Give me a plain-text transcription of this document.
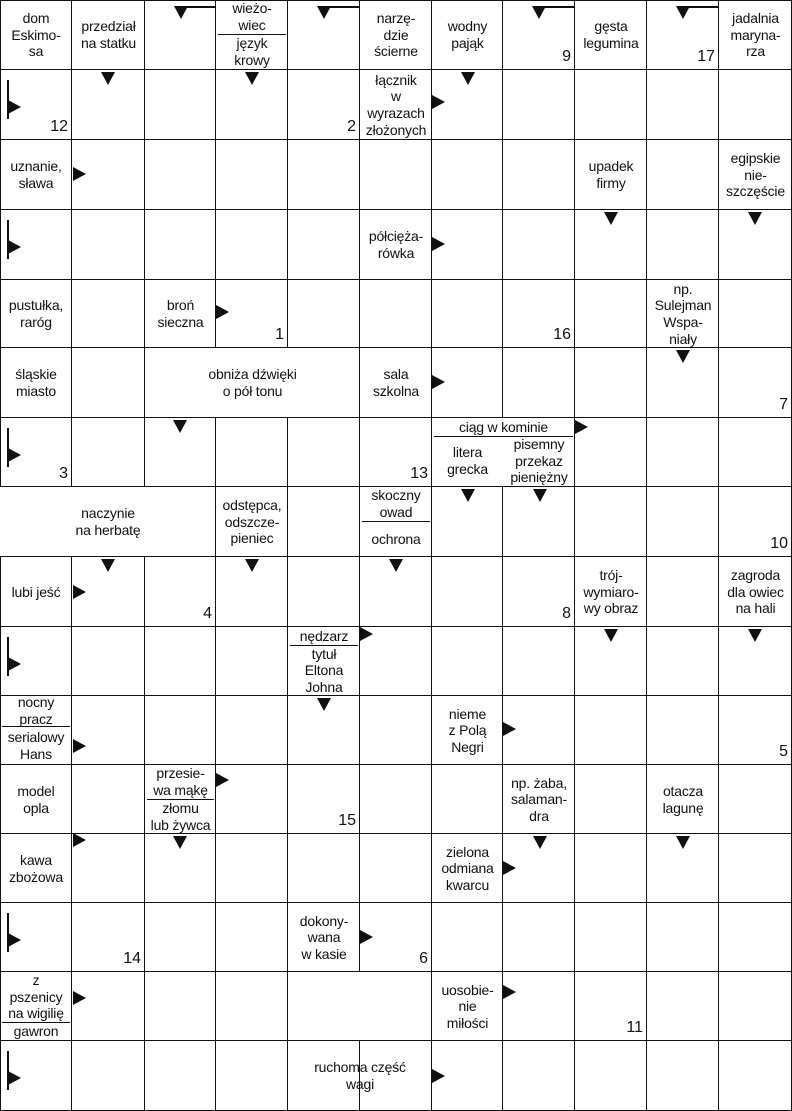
dom
Eskimo-
sa
przedział
na statku
wieżo-
wiec
język
krowy
narzę-
dzie
ścierne
wodny
pająk
9
gęsta
legumina
17
jadalnia
maryna-
rza
12	2
łącznik
w
wyrazach
złożonych
uznanie,
sława
upadek
firmy
egipskie
nie-
szczęście
półcięża-
rówka
pustułka,
raróg
broń
sieczna
1	16
np.
Sulejman
Wspa-
niały
śląskie
miasto
obniża dźwięki
o pół tonu
sala
szkolna
7
3	13
ciąg w kominie
litera
grecka
pisemny
przekaz
pieniężny
naczynie
na herbatę
odstępca,
odszcze-
pieniec
skoczny
owad
ochrona	10
lubi jeść
4	8
trój-
wymiaro-
wy obraz
zagroda
dla owiec
na hali
nędzarz
tytuł
Eltona
Johna
nocny
pracz
serialowy
Hans
nieme
z Polą
Negri	5
model
opla
przesie-
wa mąkę
złomu
lub żywca	15
np. żaba,
salaman-
dra
otacza
lagunę
kawa
zbożowa
zielona
odmiana
kwarcu
14
dokony-
wana
w kasie	6
z
pszenicy
na wigilię
gawron
uosobie-
nie
miłości	11
ruchoma część
wagi
